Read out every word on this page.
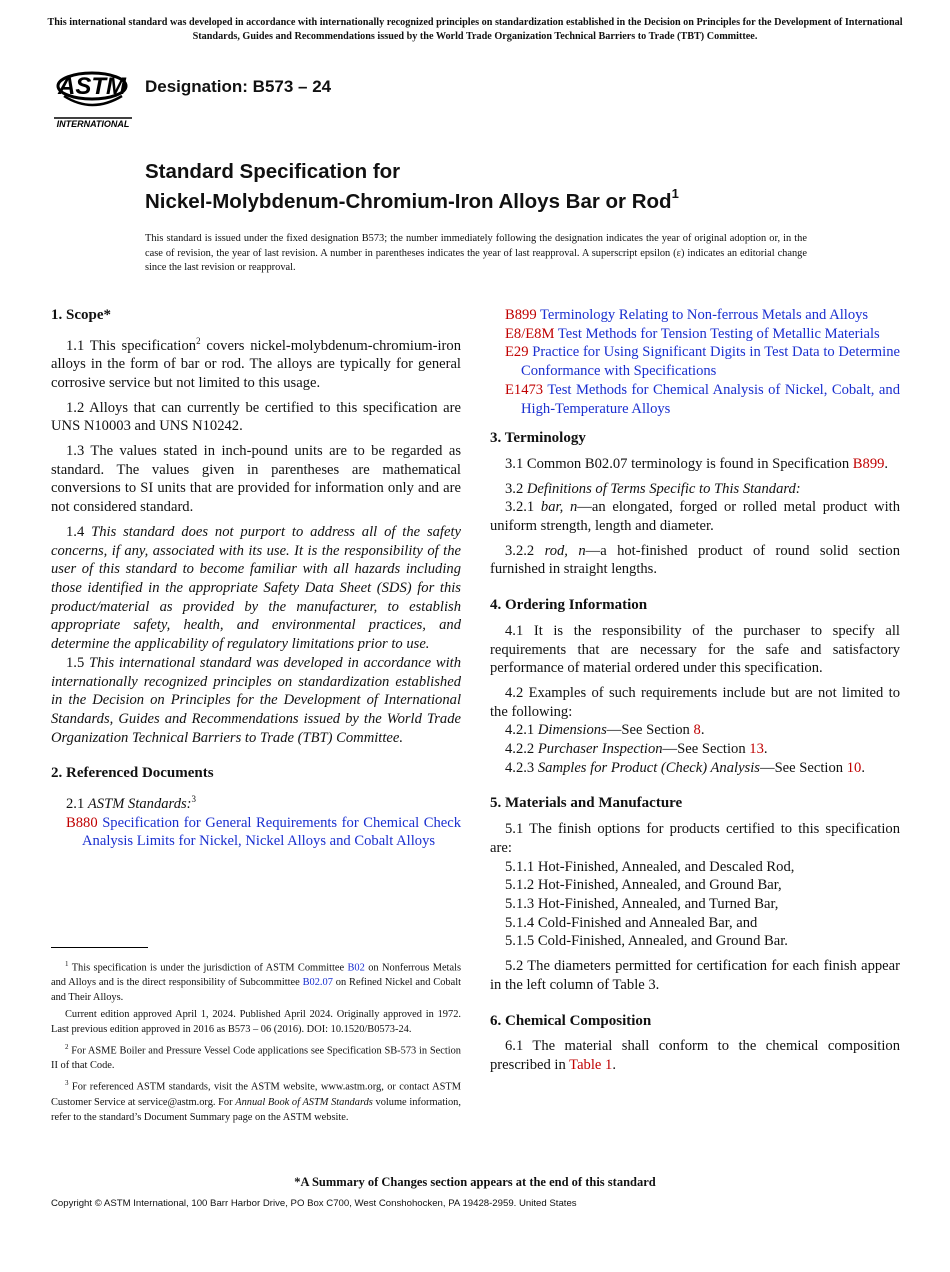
This international standard was developed in accordance with internationally recognized principles on standardization established in the Decision on Principles for the Development of International Standards, Guides and Recommendations issued by the World Trade Organization Technical Barriers to Trade (TBT) Committee.
ASTM
INTERNATIONAL
Designation: B573 – 24
Standard Specification for
Nickel-Molybdenum-Chromium-Iron Alloys Bar or Rod$^1$
This standard is issued under the fixed designation B573; the number immediately following the designation indicates the year of original adoption or, in the case of revision, the year of last revision. A number in parentheses indicates the year of last reapproval. A superscript epsilon (ε) indicates an editorial change since the last revision or reapproval.
1. Scope*
1.1 This specification$^2$ covers nickel-molybdenum-chromium-iron alloys in the form of bar or rod. The alloys are typically for general corrosive service but not limited to this usage.
1.2 Alloys that can currently be certified to this specification are UNS N10003 and UNS N10242.
1.3 The values stated in inch-pound units are to be regarded as standard. The values given in parentheses are mathematical conversions to SI units that are provided for information only and are not considered standard.
1.4 This standard does not purport to address all of the safety concerns, if any, associated with its use. It is the responsibility of the user of this standard to become familiar with all hazards including those identified in the appropriate Safety Data Sheet (SDS) for this product/material as provided by the manufacturer, to establish appropriate safety, health, and environmental practices, and determine the applicability of regulatory limitations prior to use.
1.5 This international standard was developed in accordance with internationally recognized principles on standardization established in the Decision on Principles for the Development of International Standards, Guides and Recommendations issued by the World Trade Organization Technical Barriers to Trade (TBT) Committee.
2. Referenced Documents
2.1 ASTM Standards:$^3$
B880 Specification for General Requirements for Chemical Check Analysis Limits for Nickel, Nickel Alloys and Cobalt Alloys
$^1$ This specification is under the jurisdiction of ASTM Committee B02 on Nonferrous Metals and Alloys and is the direct responsibility of Subcommittee B02.07 on Refined Nickel and Cobalt and Their Alloys.
Current edition approved April 1, 2024. Published April 2024. Originally approved in 1972. Last previous edition approved in 2016 as B573 – 06 (2016). DOI: 10.1520/B0573-24.
$^2$ For ASME Boiler and Pressure Vessel Code applications see Specification SB-573 in Section II of that Code.
$^3$ For referenced ASTM standards, visit the ASTM website, www.astm.org, or contact ASTM Customer Service at service@astm.org. For Annual Book of ASTM Standards volume information, refer to the standard’s Document Summary page on the ASTM website.
B899 Terminology Relating to Non-ferrous Metals and Alloys
E8/E8M Test Methods for Tension Testing of Metallic Materials
E29 Practice for Using Significant Digits in Test Data to Determine Conformance with Specifications
E1473 Test Methods for Chemical Analysis of Nickel, Cobalt, and High-Temperature Alloys
3. Terminology
3.1 Common B02.07 terminology is found in Specification B899.
3.2 Definitions of Terms Specific to This Standard:
3.2.1 bar, n—an elongated, forged or rolled metal product with uniform strength, length and diameter.
3.2.2 rod, n—a hot-finished product of round solid section furnished in straight lengths.
4. Ordering Information
4.1 It is the responsibility of the purchaser to specify all requirements that are necessary for the safe and satisfactory performance of material ordered under this specification.
4.2 Examples of such requirements include but are not limited to the following:
4.2.1 Dimensions—See Section 8.
4.2.2 Purchaser Inspection—See Section 13.
4.2.3 Samples for Product (Check) Analysis—See Section 10.
5. Materials and Manufacture
5.1 The finish options for products certified to this specification are:
5.1.1 Hot-Finished, Annealed, and Descaled Rod,
5.1.2 Hot-Finished, Annealed, and Ground Bar,
5.1.3 Hot-Finished, Annealed, and Turned Bar,
5.1.4 Cold-Finished and Annealed Bar, and
5.1.5 Cold-Finished, Annealed, and Ground Bar.
5.2 The diameters permitted for certification for each finish appear in the left column of Table 3.
6. Chemical Composition
6.1 The material shall conform to the chemical composition prescribed in Table 1.
*A Summary of Changes section appears at the end of this standard
Copyright © ASTM International, 100 Barr Harbor Drive, PO Box C700, West Conshohocken, PA 19428-2959. United States
